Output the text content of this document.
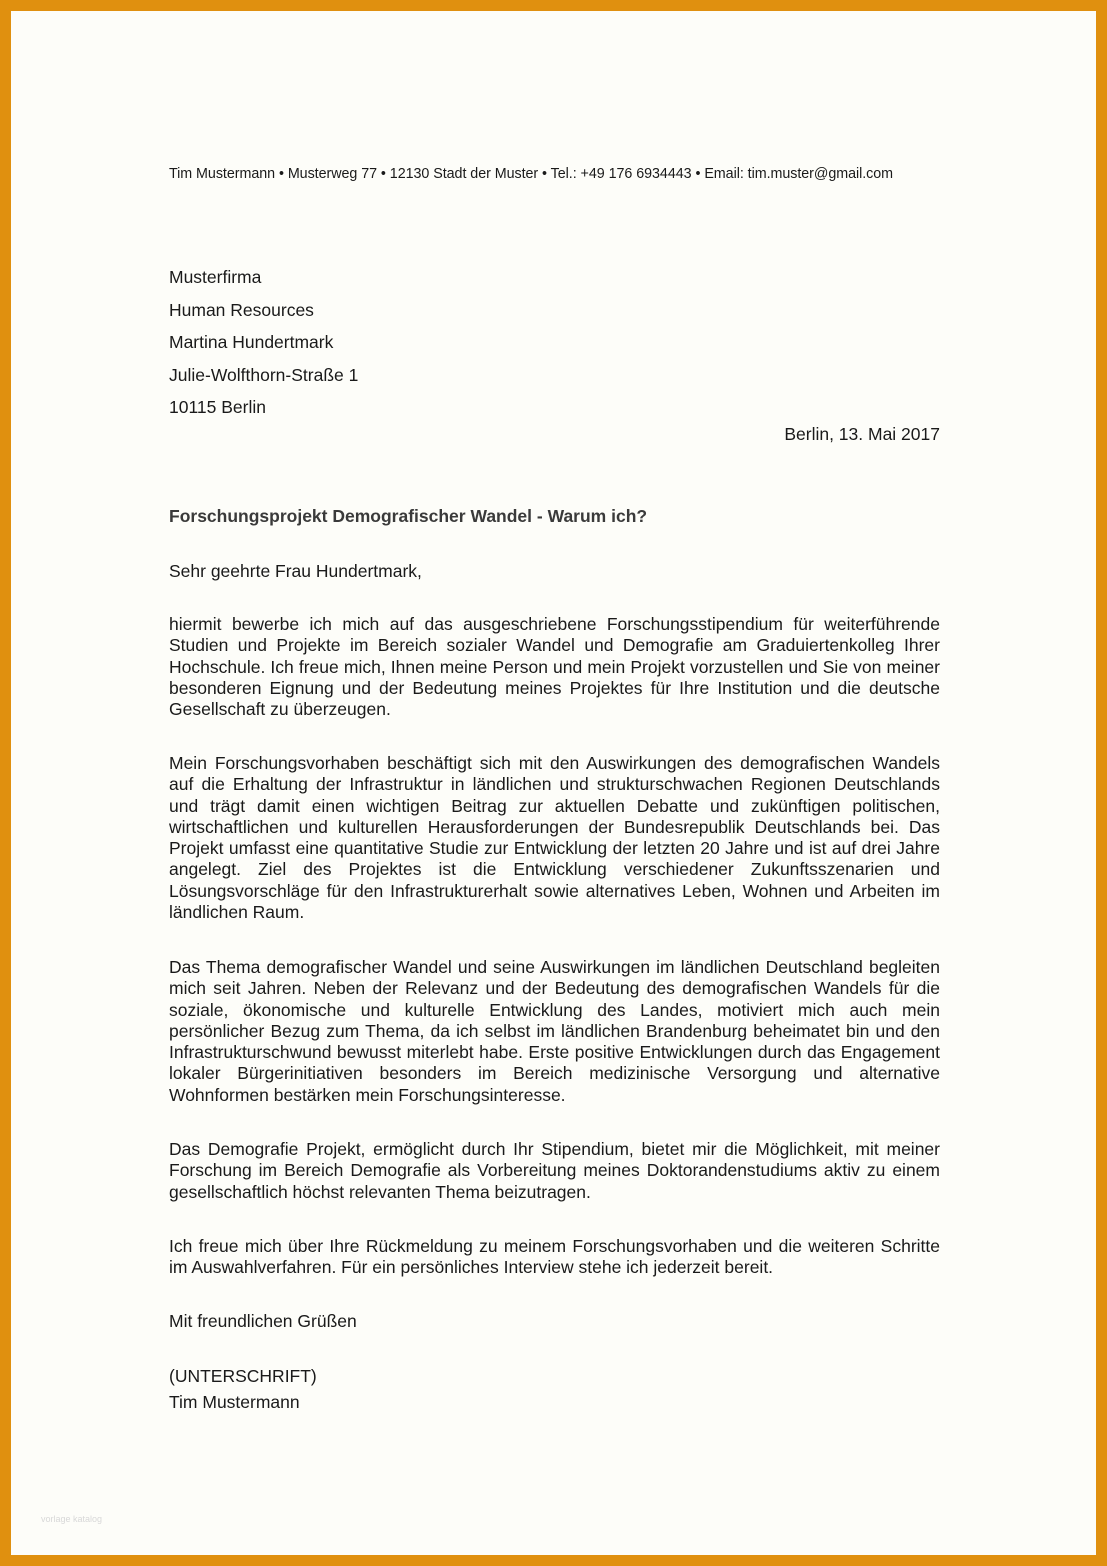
Tim Mustermann • Musterweg 77 • 12130 Stadt der Muster • Tel.: +49 176 6934443 • Email: tim.muster@gmail.com
Musterfirma
Human Resources
Martina Hundertmark
Julie-Wolfthorn-Straße 1
10115 Berlin
Berlin, 13. Mai 2017
Forschungsprojekt Demografischer Wandel - Warum ich?
Sehr geehrte Frau Hundertmark,

hiermit bewerbe ich mich auf das ausgeschriebene Forschungsstipendium für weiterführende Studien und Projekte im Bereich sozialer Wandel und Demografie am Graduiertenkolleg Ihrer Hochschule. Ich freue mich, Ihnen meine Person und mein Projekt vorzustellen und Sie von meiner besonderen Eignung und der Bedeutung meines Projektes für Ihre Institution und die deutsche Gesellschaft zu überzeugen.

Mein Forschungsvorhaben beschäftigt sich mit den Auswirkungen des demografischen Wandels auf die Erhaltung der Infrastruktur in ländlichen und strukturschwachen Regionen Deutschlands und trägt damit einen wichtigen Beitrag zur aktuellen Debatte und zukünftigen politischen, wirtschaftlichen und kulturellen Herausforderungen der Bundesrepublik Deutschlands bei. Das Projekt umfasst eine quantitative Studie zur Entwicklung der letzten 20 Jahre und ist auf drei Jahre angelegt. Ziel des Projektes ist die Entwicklung verschiedener Zukunftsszenarien und Lösungsvorschläge für den Infrastrukturerhalt sowie alternatives Leben, Wohnen und Arbeiten im ländlichen Raum.

Das Thema demografischer Wandel und seine Auswirkungen im ländlichen Deutschland begleiten mich seit Jahren. Neben der Relevanz und der Bedeutung des demografischen Wandels für die soziale, ökonomische und kulturelle Entwicklung des Landes, motiviert mich auch mein persönlicher Bezug zum Thema, da ich selbst im ländlichen Brandenburg beheimatet bin und den Infrastrukturschwund bewusst miterlebt habe. Erste positive Entwicklungen durch das Engagement lokaler Bürgerinitiativen besonders im Bereich medizinische Versorgung und alternative Wohnformen bestärken mein Forschungsinteresse.

Das Demografie Projekt, ermöglicht durch Ihr Stipendium, bietet mir die Möglichkeit, mit meiner Forschung im Bereich Demografie als Vorbereitung meines Doktorandenstudiums aktiv zu einem gesellschaftlich höchst relevanten Thema beizutragen.

Ich freue mich über Ihre Rückmeldung zu meinem Forschungsvorhaben und die weiteren Schritte im Auswahlverfahren. Für ein persönliches Interview stehe ich jederzeit bereit.

Mit freundlichen Grüßen
(UNTERSCHRIFT)
Tim Mustermann
vorlage katalog
